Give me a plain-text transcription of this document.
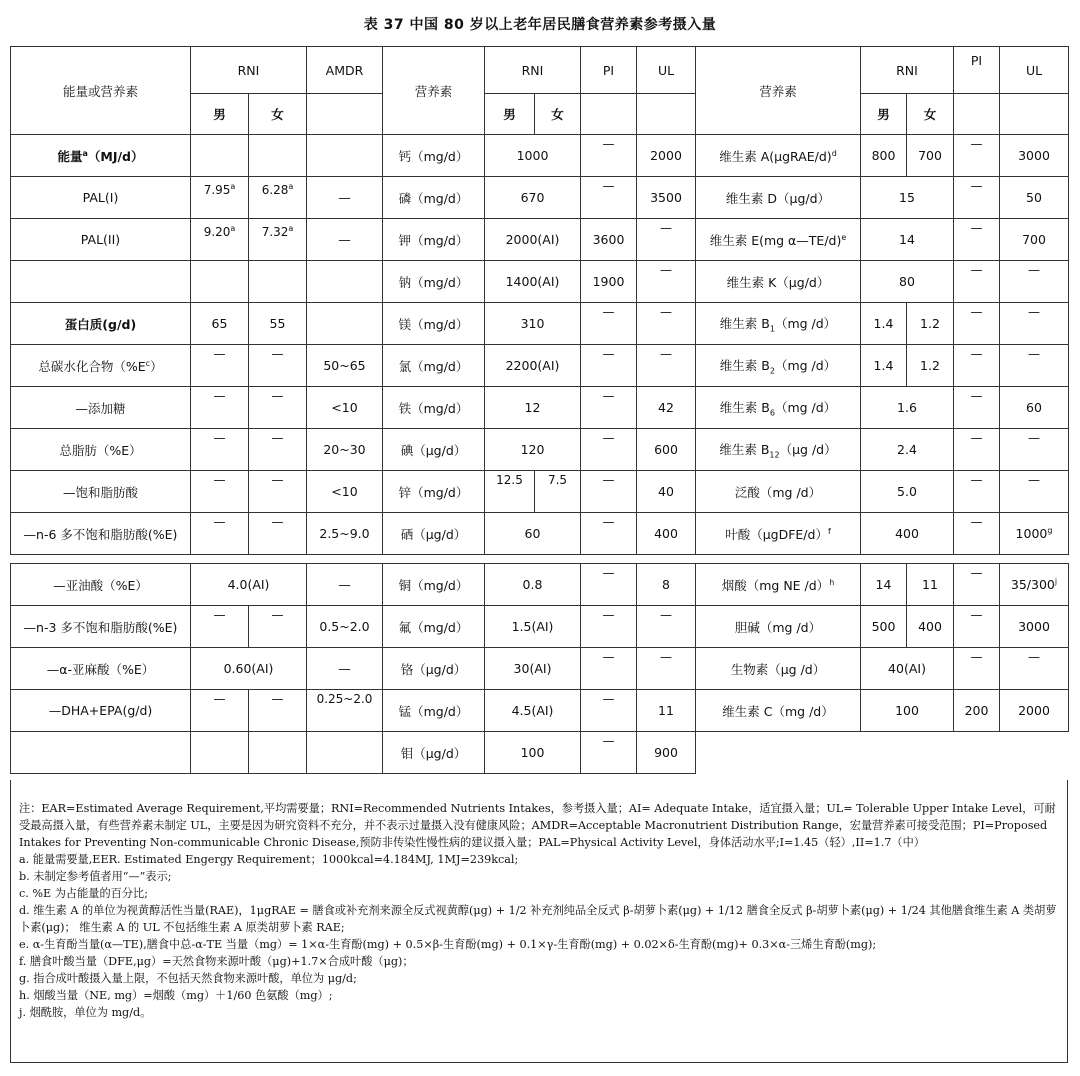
表 37 中国 80 岁以上老年居民膳食营养素参考摄入量
能量或营养素	RNI		AMDR	营养素	RNI		PI	UL	营养素	RNI		PI	UL
	男	女			男	女				男	女		
能量$^a$（MJ/d）				钙（mg/d）	1000		—	2000	维生素 A(μgRAE/d)$^d$	800	700	—	3000
PAL(I)	7.95$^a$	6.28$^a$	—	磷（mg/d）	670		—	3500	维生素 D（μg/d）	15		—	50
PAL(II)	9.20$^a$	7.32$^a$	—	钾（mg/d）	2000(AI)		3600	—	维生素 E(mg α—TE/d)$^e$	14		—	700
				钠（mg/d）	1400(AI)		1900	—	维生素 K（μg/d）	80		—	—

蛋白质(g/d)	65	55		镁（mg/d）	310		—	—	维生素 $B_1(mg$ /d）	1.4	1.2	—	—

总碳水化合物$(\%E^c)$	—	—	50~65	氯（mg/d）	2200(AI)		—	—	维生素 $B_2(mg$ /d）	1.4	1.2	—	—

—添加糖	—	—	<10	铁（mg/d）	12		—	42	维生素 $B_6(mg$ /d）	1.6		—	60
总脂肪（%E）	—	—	20~30	碘（μg/d）	120		—	600	维生素 $B_{12}(\mu g$ /d）	2.4		—	—

—饱和脂肪酸	—	—	<10	锌（mg/d）	12.5	7.5	—	40	泛酸（mg /d）	5.0		—	—

—n-6 多不饱和脂肪酸(%E)	—	—	2.5~9.0	硒（μg/d）	60		—	400	叶酸（μgDFE/d）$^f$	400		—	1000$^g$

—亚油酸（%E）	4.0(AI)		—	铜（mg/d）	0.8		—	8	烟酸（mg NE /d）$^h$	14	11	—	35/300$^j$
—n-3 多不饱和脂肪酸(%E)	—	—	0.5~2.0	氟（mg/d）	1.5(AI)		—	—	胆碱（mg /d）	500	400	—	3000
—α-亚麻酸（%E）	0.60(AI)		—	铬（μg/d）	30(AI)		—	—	生物素（μg /d）	40(AI)		—	—

—DHA+EPA(g/d)	—	—	0.25~2.0	锰（mg/d）	4.5(AI)		—	11	维生素 C（mg /d）	100		200	2000
				钼（μg/d）	100		—	900					
注：EAR=Estimated Average Requirement,平均需要量；RNI=Recommended Nutrients Intakes，参考摄入量；AI= Adequate Intake，适宜摄入量；UL= Tolerable Upper Intake Level，可耐受最高摄入量，有些营养素未制定 UL，主要是因为研究资料不充分，并不表示过量摄入没有健康风险；AMDR=Acceptable Macronutrient Distribution Range，宏量营养素可接受范围；PI=Proposed Intakes for Preventing Non-communicable Chronic Disease,预防非传染性慢性病的建议摄入量；PAL=Physical Activity Level，身体活动水平;I=1.45（轻）,II=1.7（中）
a. 能量需要量,EER. Estimated Engergy Requirement；1000kcal=4.184MJ, 1MJ=239kcal;
b. 未制定参考值者用“—”表示;
c. %E 为占能量的百分比;
d. 维生素 A 的单位为视黄醇活性当量(RAE)，1μgRAE = 膳食或补充剂来源全反式视黄醇(μg) + 1/2 补充剂纯品全反式 β-胡萝卜素(μg) + 1/12 膳食全反式 β-胡萝卜素(μg) + 1/24 其他膳食维生素 A 类胡萝卜素(μg)； 维生素 A 的 UL 不包括维生素 A 原类胡萝卜素 RAE;
e. α-生育酚当量(α—TE),膳食中总-α-TE 当量（mg）= 1×α-生育酚(mg) + 0.5×β-生育酚(mg) + 0.1×γ-生育酚(mg) + 0.02×δ-生育酚(mg)+ 0.3×α-三烯生育酚(mg);
f. 膳食叶酸当量（DFE,μg）=天然食物来源叶酸（μg)+1.7×合成叶酸（μg)；
g. 指合成叶酸摄入量上限，不包括天然食物来源叶酸，单位为 μg/d;
h. 烟酸当量（NE, mg）=烟酸（mg）＋1/60 色氨酸（mg）;
j. 烟酰胺，单位为 mg/d。
